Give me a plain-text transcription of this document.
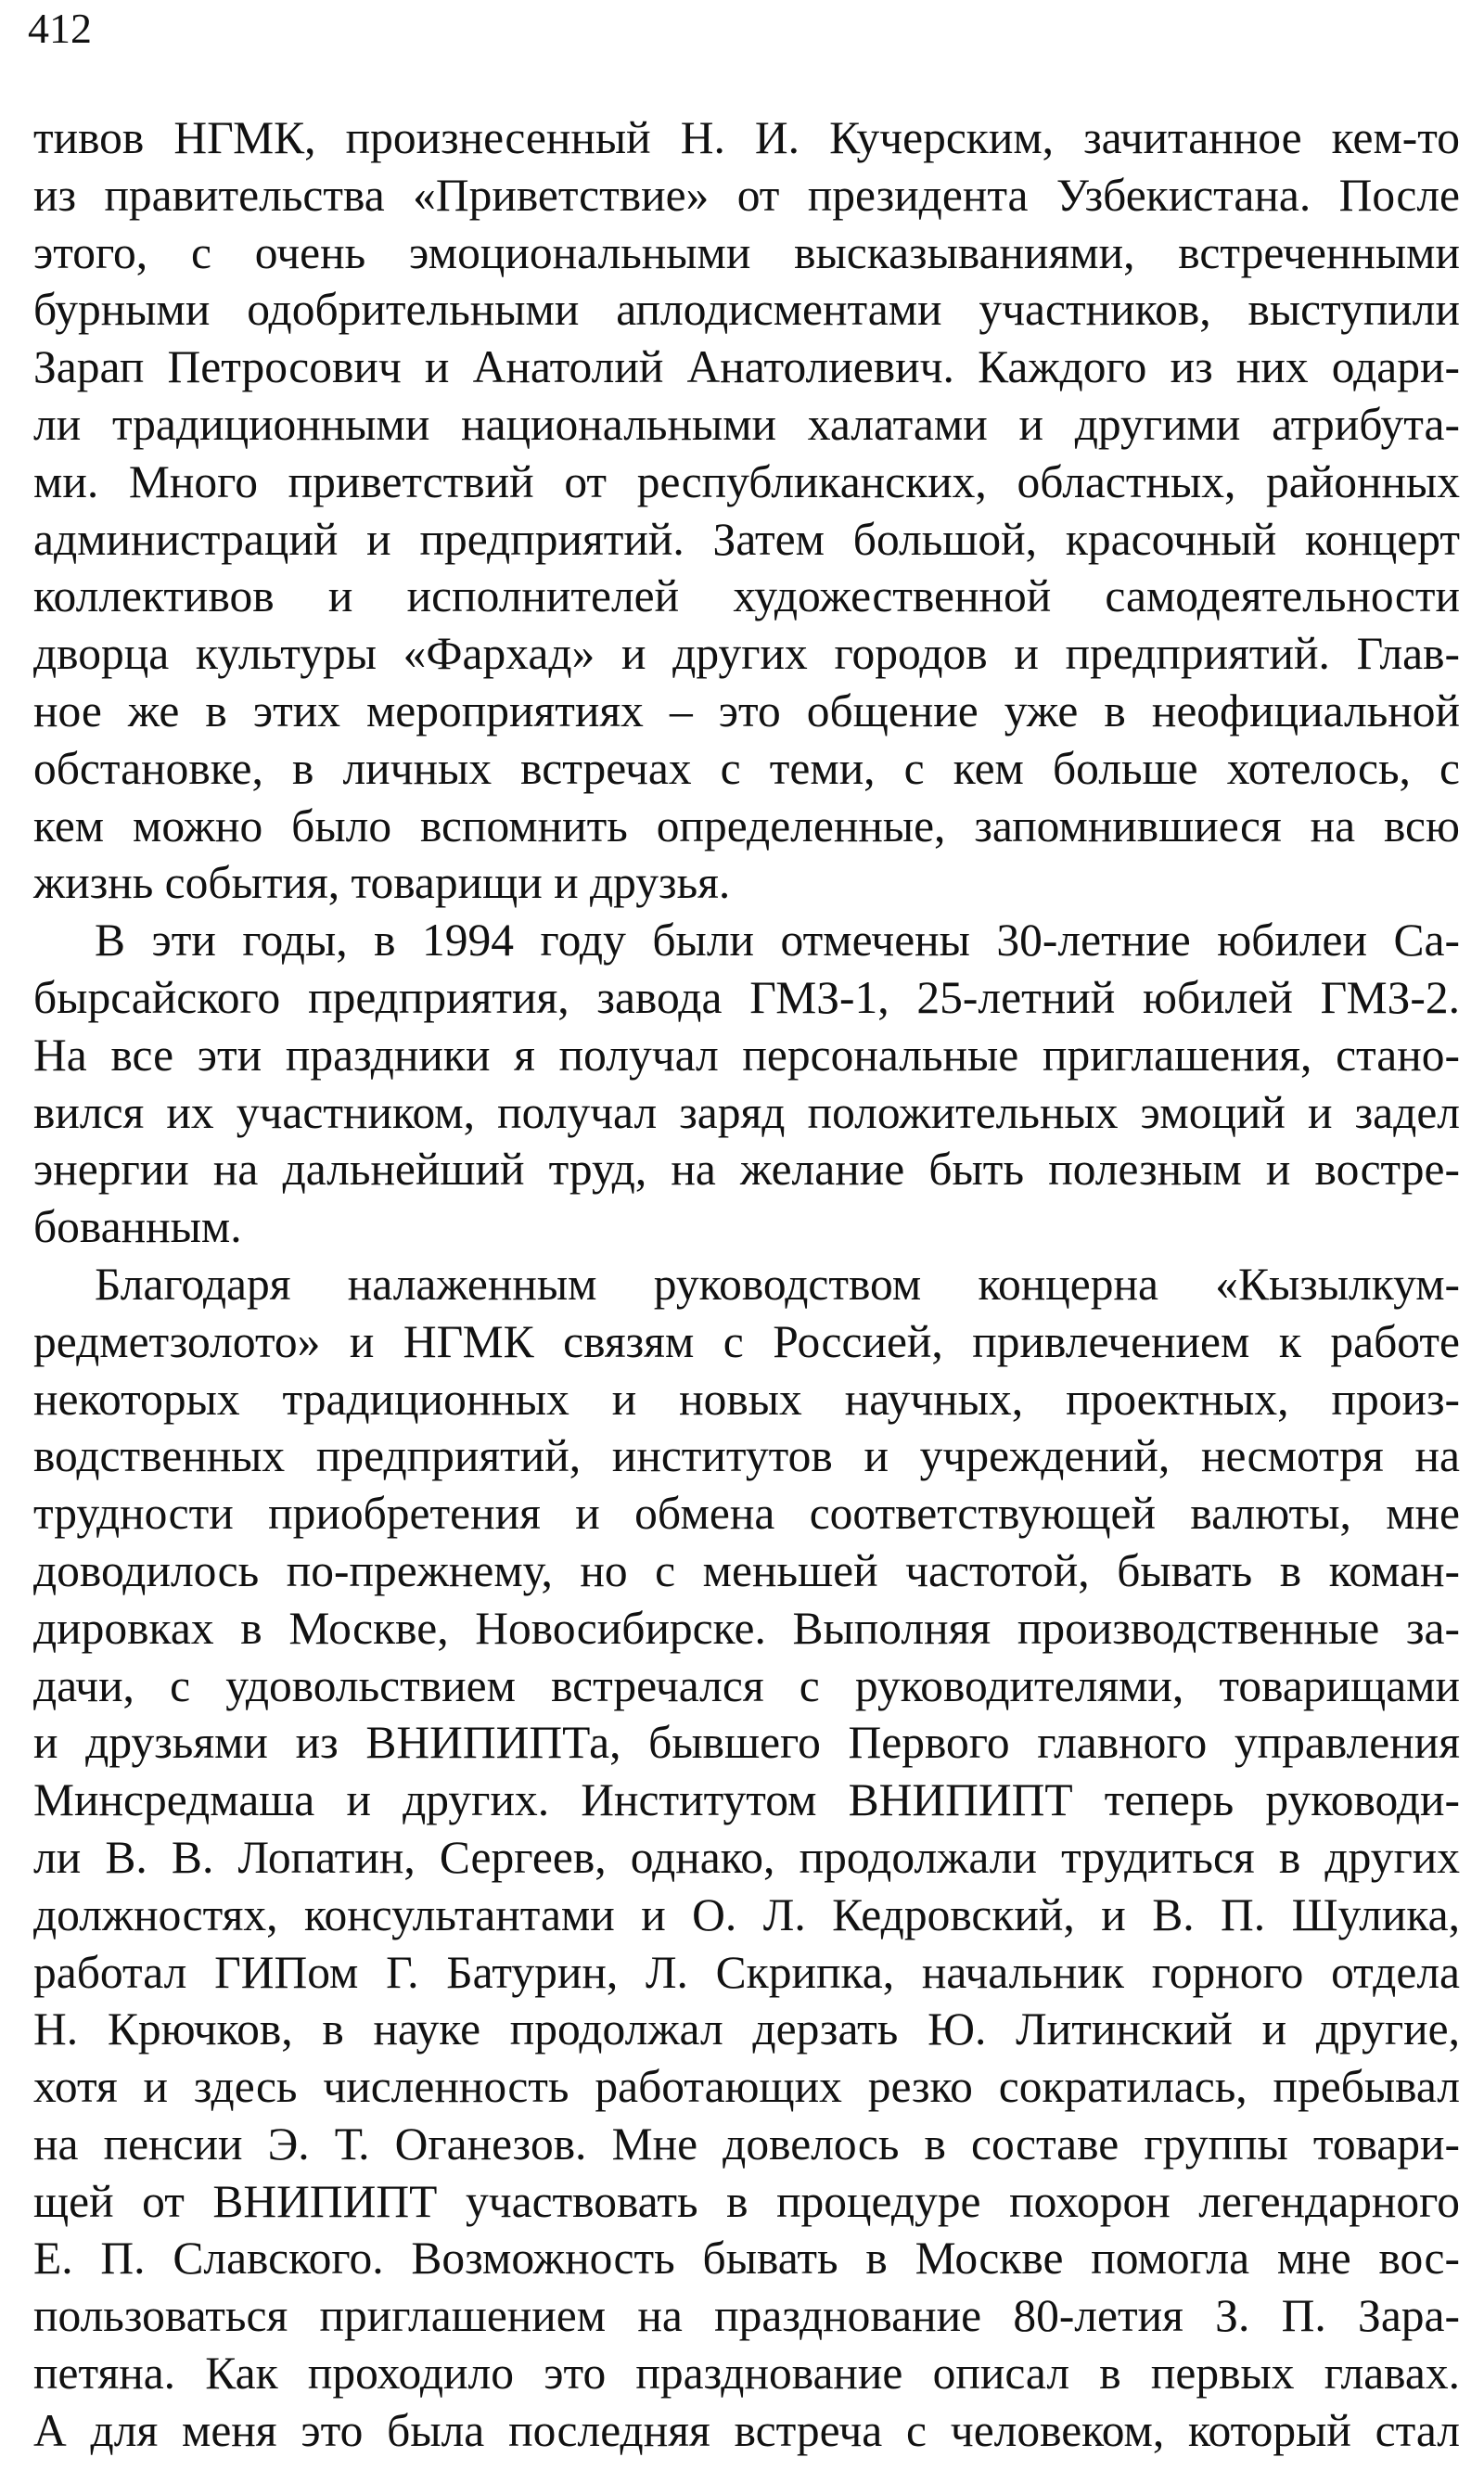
412
тивов НГМК, произнесенный Н. И. Кучерским, зачитанное кем-то
из правительства «Приветствие» от президента Узбекистана. После
этого, с очень эмоциональными высказываниями, встреченными
бурными одобрительными аплодисментами участников, выступили
Зарап Петросович и Анатолий Анатолиевич. Каждого из них одари-
ли традиционными национальными халатами и другими атрибута-
ми. Много приветствий от республиканских, областных, районных
администраций и предприятий. Затем большой, красочный концерт
коллективов и исполнителей художественной самодеятельности
дворца культуры «Фархад» и других городов и предприятий. Глав-
ное же в этих мероприятиях – это общение уже в неофициальной
обстановке, в личных встречах с теми, с кем больше хотелось, с
кем можно было вспомнить определенные, запомнившиеся на всю
жизнь события, товарищи и друзья.
В эти годы, в 1994 году были отмечены 30-летние юбилеи Са-
бырсайского предприятия, завода ГМЗ-1, 25-летний юбилей ГМЗ-2.
На все эти праздники я получал персональные приглашения, стано-
вился их участником, получал заряд положительных эмоций и задел
энергии на дальнейший труд, на желание быть полезным и востре-
бованным.
Благодаря налаженным руководством концерна «Кызылкум-
редметзолото» и НГМК связям с Россией, привлечением к работе
некоторых традиционных и новых научных, проектных, произ-
водственных предприятий, институтов и учреждений, несмотря на
трудности приобретения и обмена соответствующей валюты, мне
доводилось по-прежнему, но с меньшей частотой, бывать в коман-
дировках в Москве, Новосибирске. Выполняя производственные за-
дачи, с удовольствием встречался с руководителями, товарищами
и друзьями из ВНИПИПТа, бывшего Первого главного управления
Минсредмаша и других. Институтом ВНИПИПТ теперь руководи-
ли В. В. Лопатин, Сергеев, однако, продолжали трудиться в других
должностях, консультантами и О. Л. Кедровский, и В. П. Шулика,
работал ГИПом Г. Батурин, Л. Скрипка, начальник горного отдела
Н. Крючков, в науке продолжал дерзать Ю. Литинский и другие,
хотя и здесь численность работающих резко сократилась, пребывал
на пенсии Э. Т. Оганезов. Мне довелось в составе группы товари-
щей от ВНИПИПТ участвовать в процедуре похорон легендарного
Е. П. Славского. Возможность бывать в Москве помогла мне вос-
пользоваться приглашением на празднование 80-летия З. П. Зара-
петяна. Как проходило это празднование описал в первых главах.
А для меня это была последняя встреча с человеком, который стал
